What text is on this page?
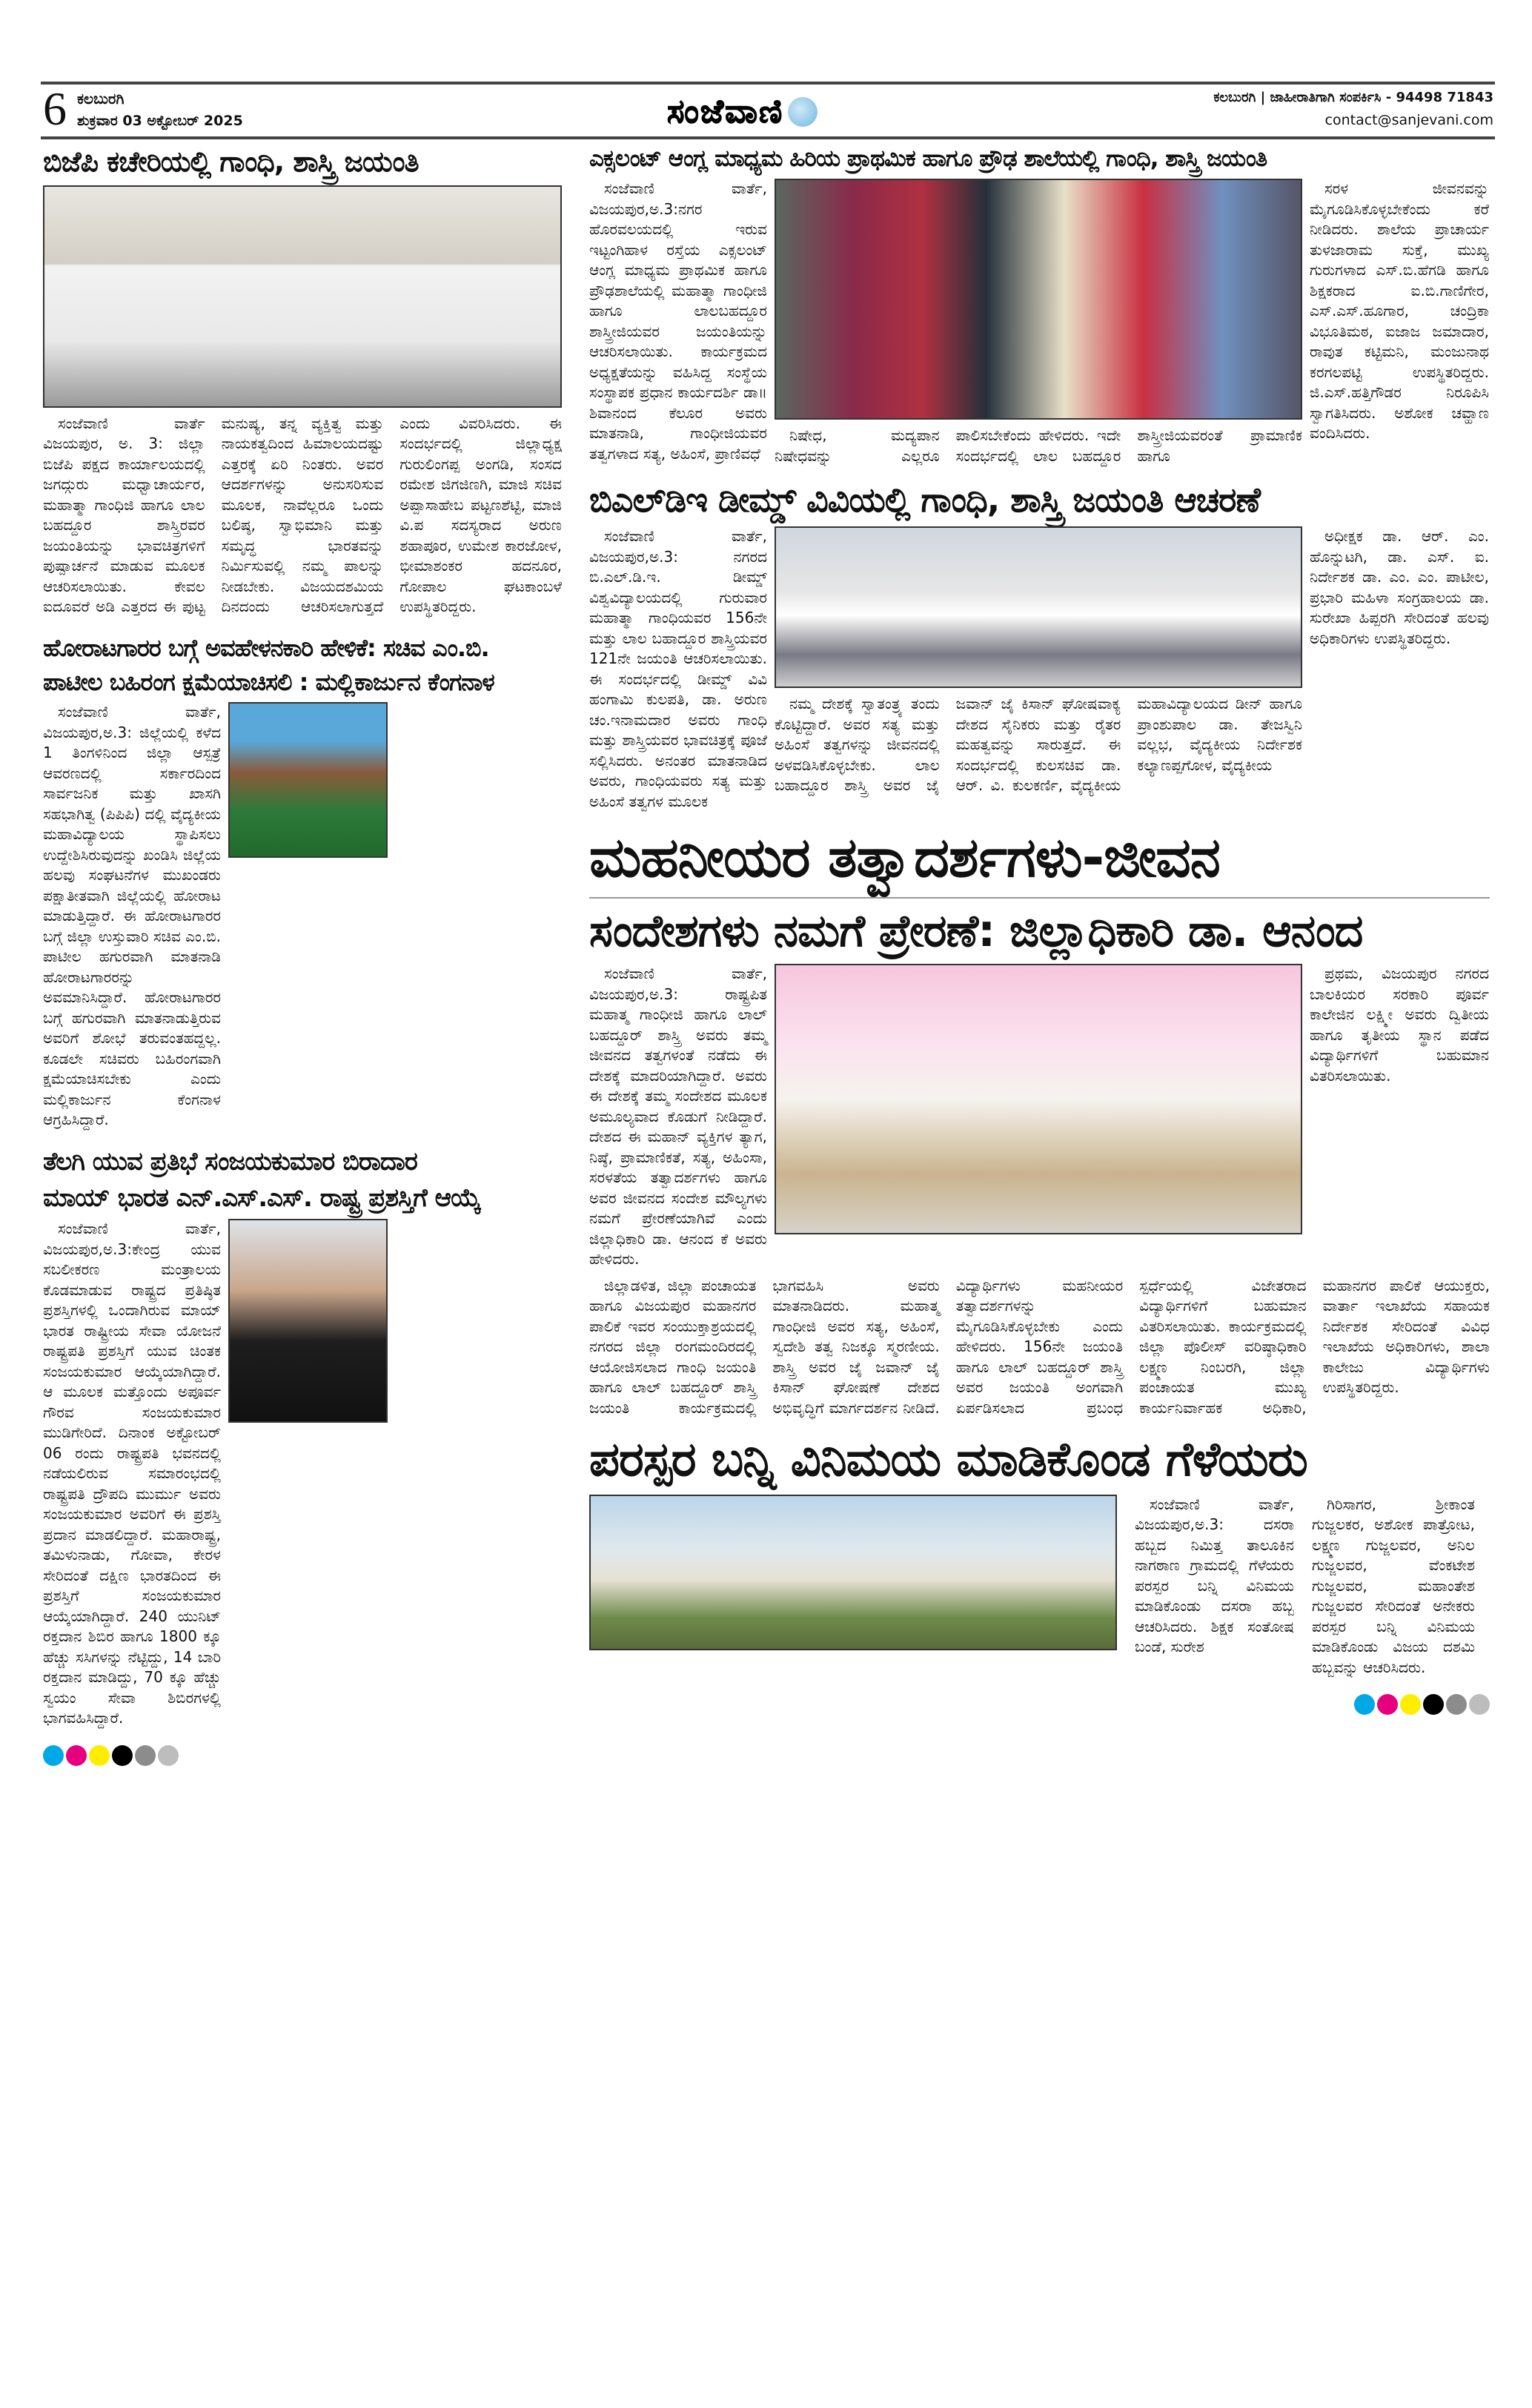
6 ಕಲಬುರಗಿ
ಶುಕ್ರವಾರ 03 ಅಕ್ಟೋಬರ್ 2025	ಸಂಜೆವಾಣಿ	ಕಲಬುರಗಿ | ಜಾಹೀರಾತಿಗಾಗಿ ಸಂಪರ್ಕಿಸಿ - 94498 71843
contact@sanjevani.com
ಬಿಜೆಪಿ ಕಚೇರಿಯಲ್ಲಿ ಗಾಂಧಿ, ಶಾಸ್ತ್ರಿ ಜಯಂತಿ

ಸಂಜೆವಾಣಿ ವಾರ್ತೆ ವಿಜಯಪುರ, ಅ. 3: ಜಿಲ್ಲಾ ಬಿಜೆಪಿ ಪಕ್ಷದ ಕಾರ್ಯಾಲಯದಲ್ಲಿ ಜಗದ್ಗುರು ಮಧ್ವಾಚಾರ್ಯರ, ಮಹಾತ್ಮಾ ಗಾಂಧಿಜಿ ಹಾಗೂ ಲಾಲ ಬಹದ್ದೂರ ಶಾಸ್ತ್ರಿರವರ ಜಯಂತಿಯನ್ನು ಭಾವಚಿತ್ರಗಳಿಗೆ ಪುಷ್ಪಾರ್ಚನೆ ಮಾಡುವ ಮೂಲಕ ಆಚರಿಸಲಾಯಿತು. ಕೇವಲ ಐದೂವರೆ ಅಡಿ ಎತ್ತರದ ಈ ಪುಟ್ಟ ಮನುಷ್ಯ, ತನ್ನ ವ್ಯಕ್ತಿತ್ವ ಮತ್ತು ನಾಯಕತ್ವದಿಂದ ಹಿಮಾಲಯದಷ್ಟು ಎತ್ತರಕ್ಕೆ ಏರಿ ನಿಂತರು. ಅವರ ಆದರ್ಶಗಳನ್ನು ಅನುಸರಿಸುವ ಮೂಲಕ, ನಾವೆಲ್ಲರೂ ಒಂದು ಬಲಿಷ್ಠ, ಸ್ವಾಭಿಮಾನಿ ಮತ್ತು ಸಮೃದ್ಧ ಭಾರತವನ್ನು ನಿರ್ಮಿಸುವಲ್ಲಿ ನಮ್ಮ ಪಾಲನ್ನು ನೀಡಬೇಕು. ವಿಜಯದಶಮಿಯ ದಿನದಂದು ಆಚರಿಸಲಾಗುತ್ತದೆ ಎಂದು ವಿವರಿಸಿದರು. ಈ ಸಂದರ್ಭದಲ್ಲಿ ಜಿಲ್ಲಾಧ್ಯಕ್ಷ ಗುರುಲಿಂಗಪ್ಪ ಅಂಗಡಿ, ಸಂಸದ ರಮೇಶ ಜಿಗಜಿಣಗಿ, ಮಾಜಿ ಸಚಿವ ಅಪ್ಪಾಸಾಹೇಬ ಪಟ್ಟಣಶೆಟ್ಟಿ, ಮಾಜಿ ವಿ.ಪ ಸದಸ್ಯರಾದ ಅರುಣ ಶಹಾಪೂರ, ಉಮೇಶ ಕಾರಜೋಳ, ಭೀಮಾಶಂಕರ ಹದನೂರ, ಗೋಪಾಲ ಘಟಕಾಂಬಳೆ ಉಪಸ್ಥಿತರಿದ್ದರು.

ಹೋರಾಟಗಾರರ ಬಗ್ಗೆ ಅವಹೇಳನಕಾರಿ ಹೇಳಿಕೆ: ಸಚಿವ ಎಂ.ಬಿ.
ಪಾಟೀಲ ಬಹಿರಂಗ ಕ್ಷಮೆಯಾಚಿಸಲಿ : ಮಲ್ಲಿಕಾರ್ಜುನ ಕೆಂಗನಾಳ

ಸಂಜೆವಾಣಿ ವಾರ್ತೆ, ವಿಜಯಪುರ,ಅ.3: ಜಿಲ್ಲೆಯಲ್ಲಿ ಕಳೆದ 1 ತಿಂಗಳಿನಿಂದ ಜಿಲ್ಲಾ ಆಸ್ಪತ್ರೆ ಆವರಣದಲ್ಲಿ ಸರ್ಕಾರದಿಂದ ಸಾರ್ವಜನಿಕ ಮತ್ತು ಖಾಸಗಿ ಸಹಭಾಗಿತ್ವ (ಪಿಪಿಪಿ) ದಲ್ಲಿ ವೈದ್ಯಕೀಯ ಮಹಾವಿದ್ಯಾಲಯ ಸ್ಥಾಪಿಸಲು ಉದ್ದೇಶಿಸಿರುವುದನ್ನು ಖಂಡಿಸಿ ಜಿಲ್ಲೆಯ ಹಲವು ಸಂಘಟನೆಗಳ ಮುಖಂಡರು ಪಕ್ಷಾತೀತವಾಗಿ ಜಿಲ್ಲೆಯಲ್ಲಿ ಹೋರಾಟ ಮಾಡುತ್ತಿದ್ದಾರೆ. ಈ ಹೋರಾಟಗಾರರ ಬಗ್ಗೆ ಜಿಲ್ಲಾ ಉಸ್ತುವಾರಿ ಸಚಿವ ಎಂ.ಬಿ. ಪಾಟೀಲ ಹಗುರವಾಗಿ ಮಾತನಾಡಿ ಹೋರಾಟಗಾರರನ್ನು ಅವಮಾನಿಸಿದ್ದಾರೆ. ಹೋರಾಟಗಾರರ ಬಗ್ಗೆ ಹಗುರವಾಗಿ ಮಾತನಾಡುತ್ತಿರುವ ಅವರಿಗೆ ಶೋಭೆ ತರುವಂತಹದ್ದಲ್ಲ. ಕೂಡಲೇ ಸಚಿವರು ಬಹಿರಂಗವಾಗಿ ಕ್ಷಮೆಯಾಚಿಸಬೇಕು ಎಂದು ಮಲ್ಲಿಕಾರ್ಜುನ ಕೆಂಗನಾಳ ಆಗ್ರಹಿಸಿದ್ದಾರೆ.

ತೆಲಗಿ ಯುವ ಪ್ರತಿಭೆ ಸಂಜಯಕುಮಾರ ಬಿರಾದಾರ
ಮಾಯ್ ಭಾರತ ಎನ್.ಎಸ್.ಎಸ್. ರಾಷ್ಟ್ರ ಪ್ರಶಸ್ತಿಗೆ ಆಯ್ಕೆ

ಸಂಜೆವಾಣಿ ವಾರ್ತೆ, ವಿಜಯಪುರ,ಅ.3:ಕೇಂದ್ರ ಯುವ ಸಬಲೀಕರಣ ಮಂತ್ರಾಲಯ ಕೊಡಮಾಡುವ ರಾಷ್ಟ್ರದ ಪ್ರತಿಷ್ಠಿತ ಪ್ರಶಸ್ತಿಗಳಲ್ಲಿ ಒಂದಾಗಿರುವ ಮಾಯ್ ಭಾರತ ರಾಷ್ಟ್ರೀಯ ಸೇವಾ ಯೋಜನೆ ರಾಷ್ಟ್ರಪತಿ ಪ್ರಶಸ್ತಿಗೆ ಯುವ ಚಿಂತಕ ಸಂಜಯಕುಮಾರ ಆಯ್ಕೆಯಾಗಿದ್ದಾರೆ. ಆ ಮೂಲಕ ಮತ್ತೊಂದು ಅಪೂರ್ವ ಗೌರವ ಸಂಜಯಕುಮಾರ ಮುಡಿಗೇರಿದೆ. ದಿನಾಂಕ ಅಕ್ಟೋಬರ್ 06 ರಂದು ರಾಷ್ಟ್ರಪತಿ ಭವನದಲ್ಲಿ ನಡೆಯಲಿರುವ ಸಮಾರಂಭದಲ್ಲಿ ರಾಷ್ಟ್ರಪತಿ ದ್ರೌಪದಿ ಮುರ್ಮು ಅವರು ಸಂಜಯಕುಮಾರ ಅವರಿಗೆ ಈ ಪ್ರಶಸ್ತಿ ಪ್ರದಾನ ಮಾಡಲಿದ್ದಾರೆ. ಮಹಾರಾಷ್ಟ್ರ, ತಮಿಳುನಾಡು, ಗೋವಾ, ಕೇರಳ ಸೇರಿದಂತೆ ದಕ್ಷಿಣ ಭಾರತದಿಂದ ಈ ಪ್ರಶಸ್ತಿಗೆ ಸಂಜಯಕುಮಾರ ಆಯ್ಕೆಯಾಗಿದ್ದಾರೆ. 240 ಯುನಿಟ್ ರಕ್ತದಾನ ಶಿಬಿರ ಹಾಗೂ 1800 ಕ್ಕೂ ಹೆಚ್ಚು ಸಸಿಗಳನ್ನು ನೆಟ್ಟಿದ್ದು, 14 ಬಾರಿ ರಕ್ತದಾನ ಮಾಡಿದ್ದು, 70 ಕ್ಕೂ ಹೆಚ್ಚು ಸ್ವಯಂ ಸೇವಾ ಶಿಬಿರಗಳಲ್ಲಿ ಭಾಗವಹಿಸಿದ್ದಾರೆ.

ಎಕ್ಸಲಂಟ್ ಆಂಗ್ಲ ಮಾಧ್ಯಮ ಹಿರಿಯ ಪ್ರಾಥಮಿಕ ಹಾಗೂ ಪ್ರೌಢ ಶಾಲೆಯಲ್ಲಿ ಗಾಂಧಿ, ಶಾಸ್ತ್ರಿ ಜಯಂತಿ

ಸಂಜೆವಾಣಿ ವಾರ್ತೆ, ವಿಜಯಪುರ,ಅ.3:ನಗರ ಹೊರವಲಯದಲ್ಲಿ ಇರುವ ಇಟ್ಟಂಗಿಹಾಳ ರಸ್ತೆಯ ಎಕ್ಸಲಂಟ್ ಆಂಗ್ಲ ಮಾಧ್ಯಮ ಪ್ರಾಥಮಿಕ ಹಾಗೂ ಪ್ರೌಢಶಾಲೆಯಲ್ಲಿ ಮಹಾತ್ಮಾ ಗಾಂಧೀಜಿ ಹಾಗೂ ಲಾಲಬಹದ್ದೂರ ಶಾಸ್ತ್ರೀಜಿಯವರ ಜಯಂತಿಯನ್ನು ಆಚರಿಸಲಾಯಿತು. ಕಾರ್ಯಕ್ರಮದ ಅಧ್ಯಕ್ಷತೆಯನ್ನು ವಹಿಸಿದ್ದ ಸಂಸ್ಥೆಯ ಸಂಸ್ಥಾಪಕ ಪ್ರಧಾನ ಕಾರ್ಯದರ್ಶಿ ಡಾ॥ ಶಿವಾನಂದ ಕೆಲೂರ ಅವರು ಮಾತನಾಡಿ, ಗಾಂಧೀಜಿಯವರ ತತ್ವಗಳಾದ ಸತ್ಯ, ಅಹಿಂಸೆ, ಪ್ರಾಣಿವಧೆ

ನಿಷೇಧ, ಮದ್ಯಪಾನ ನಿಷೇಧವನ್ನು ಎಲ್ಲರೂ ಪಾಲಿಸಬೇಕೆಂದು ಹೇಳಿದರು. ಇದೇ ಸಂದರ್ಭದಲ್ಲಿ ಲಾಲ ಬಹದ್ದೂರ ಶಾಸ್ತ್ರೀಜಿಯವರಂತೆ ಪ್ರಾಮಾಣಿಕ ಹಾಗೂ

ಸರಳ ಜೀವನವನ್ನು ಮೈಗೂಡಿಸಿಕೊಳ್ಳಬೇಕೆಂದು ಕರೆ ನೀಡಿದರು. ಶಾಲೆಯ ಪ್ರಾಚಾರ್ಯ ತುಳಜಾರಾಮ ಸುಕ್ತೆ, ಮುಖ್ಯ ಗುರುಗಳಾದ ಎಸ್.ಬಿ.ಹೆಗಡಿ ಹಾಗೂ ಶಿಕ್ಷಕರಾದ ಐ.ಬಿ.ಗಾಣಿಗೇರ, ಎಸ್.ಎಸ್.ಹೂಗಾರ, ಚಂದ್ರಿಕಾ ವಿಭೂತಿಮಠ, ಐಜಾಜ ಜಮಾದಾರ, ರಾವುತ ಕಟ್ಟಿಮನಿ, ಮಂಜುನಾಥ ಕರಗಲಪಟ್ಟಿ ಉಪಸ್ಥಿತರಿದ್ದರು. ಜಿ.ಎಸ್.ಹತ್ತಿಗೌಡರ ನಿರೂಪಿಸಿ ಸ್ವಾಗತಿಸಿದರು. ಅಶೋಕ ಚವ್ಹಾಣ ವಂದಿಸಿದರು.

ಬಿಎಲ್‌ಡಿಇ ಡೀಮ್ಡ್ ವಿವಿಯಲ್ಲಿ ಗಾಂಧಿ, ಶಾಸ್ತ್ರಿ ಜಯಂತಿ ಆಚರಣೆ

ಸಂಜೆವಾಣಿ ವಾರ್ತೆ, ವಿಜಯಪುರ,ಅ.3: ನಗರದ ಬಿ.ಎಲ್.ಡಿ.ಇ. ಡೀಮ್ಡ್ ವಿಶ್ವವಿದ್ಯಾಲಯದಲ್ಲಿ ಗುರುವಾರ ಮಹಾತ್ಮಾ ಗಾಂಧಿಯವರ 156ನೇ ಮತ್ತು ಲಾಲ ಬಹಾದ್ದೂರ ಶಾಸ್ತ್ರಿಯವರ 121ನೇ ಜಯಂತಿ ಆಚರಿಸಲಾಯಿತು. ಈ ಸಂದರ್ಭದಲ್ಲಿ ಡೀಮ್ಡ್ ವಿವಿ ಹಂಗಾಮಿ ಕುಲಪತಿ, ಡಾ. ಅರುಣ ಚಂ.ಇನಾಮದಾರ ಅವರು ಗಾಂಧಿ ಮತ್ತು ಶಾಸ್ತ್ರಿಯವರ ಭಾವಚಿತ್ರಕ್ಕೆ ಪೂಜೆ ಸಲ್ಲಿಸಿದರು. ಅನಂತರ ಮಾತನಾಡಿದ ಅವರು, ಗಾಂಧಿಯವರು ಸತ್ಯ ಮತ್ತು ಅಹಿಂಸೆ ತತ್ವಗಳ ಮೂಲಕ

ನಮ್ಮ ದೇಶಕ್ಕೆ ಸ್ವಾತಂತ್ರ್ಯ ತಂದು ಕೊಟ್ಟಿದ್ದಾರೆ. ಅವರ ಸತ್ಯ ಮತ್ತು ಅಹಿಂಸೆ ತತ್ವಗಳನ್ನು ಜೀವನದಲ್ಲಿ ಅಳವಡಿಸಿಕೊಳ್ಳಬೇಕು. ಲಾಲ ಬಹಾದ್ದೂರ ಶಾಸ್ತ್ರಿ ಅವರ ಜೈ ಜವಾನ್ ಜೈ ಕಿಸಾನ್ ಘೋಷವಾಕ್ಯ ದೇಶದ ಸೈನಿಕರು ಮತ್ತು ರೈತರ ಮಹತ್ವವನ್ನು ಸಾರುತ್ತದೆ. ಈ ಸಂದರ್ಭದಲ್ಲಿ ಕುಲಸಚಿವ ಡಾ. ಆರ್. ವಿ. ಕುಲಕರ್ಣಿ, ವೈದ್ಯಕೀಯ ಮಹಾವಿದ್ಯಾಲಯದ ಡೀನ್ ಹಾಗೂ ಪ್ರಾಂಶುಪಾಲ ಡಾ. ತೇಜಸ್ವಿನಿ ವಲ್ಲಭ, ವೈದ್ಯಕೀಯ ನಿರ್ದೇಶಕ ಕಲ್ಯಾಣಪ್ಪಗೋಳ, ವೈದ್ಯಕೀಯ

ಅಧೀಕ್ಷಕ ಡಾ. ಆರ್. ಎಂ. ಹೊನ್ನುಟಗಿ, ಡಾ. ಎಸ್. ಐ. ನಿರ್ದೇಶಕ ಡಾ. ಎಂ. ಎಂ. ಪಾಟೀಲ, ಪ್ರಭಾರಿ ಮಹಿಳಾ ಸಂಗ್ರಹಾಲಯ ಡಾ. ಸುರೇಖಾ ಹಿಪ್ಪರಗಿ ಸೇರಿದಂತೆ ಹಲವು ಅಧಿಕಾರಿಗಳು ಉಪಸ್ಥಿತರಿದ್ದರು.

ಮಹನೀಯರ ತತ್ವಾದರ್ಶಗಳು-ಜೀವನ
ಸಂದೇಶಗಳು ನಮಗೆ ಪ್ರೇರಣೆ: ಜಿಲ್ಲಾಧಿಕಾರಿ ಡಾ. ಆನಂದ

ಸಂಜೆವಾಣಿ ವಾರ್ತೆ, ವಿಜಯಪುರ,ಅ.3: ರಾಷ್ಟ್ರಪಿತ ಮಹಾತ್ಮ ಗಾಂಧೀಜಿ ಹಾಗೂ ಲಾಲ್ ಬಹದ್ದೂರ್ ಶಾಸ್ತ್ರಿ ಅವರು ತಮ್ಮ ಜೀವನದ ತತ್ವಗಳಂತೆ ನಡೆದು ಈ ದೇಶಕ್ಕೆ ಮಾದರಿಯಾಗಿದ್ದಾರೆ. ಅವರು ಈ ದೇಶಕ್ಕೆ ತಮ್ಮ ಸಂದೇಶದ ಮೂಲಕ ಅಮೂಲ್ಯವಾದ ಕೊಡುಗೆ ನೀಡಿದ್ದಾರೆ. ದೇಶದ ಈ ಮಹಾನ್ ವ್ಯಕ್ತಿಗಳ ತ್ಯಾಗ, ನಿಷ್ಠೆ, ಪ್ರಾಮಾಣಿಕತೆ, ಸತ್ಯ, ಅಹಿಂಸಾ, ಸರಳತೆಯ ತತ್ವಾದರ್ಶಗಳು ಹಾಗೂ ಅವರ ಜೀವನದ ಸಂದೇಶ ಮೌಲ್ಯಗಳು ನಮಗೆ ಪ್ರೇರಣೆಯಾಗಿವೆ ಎಂದು ಜಿಲ್ಲಾಧಿಕಾರಿ ಡಾ. ಆನಂದ ಕೆ ಅವರು ಹೇಳಿದರು.

ಪ್ರಥಮ, ವಿಜಯಪುರ ನಗರದ ಬಾಲಕಿಯರ ಸರಕಾರಿ ಪೂರ್ವ ಕಾಲೇಜಿನ ಲಕ್ಷ್ಮೀ ಅವರು ದ್ವಿತೀಯ ಹಾಗೂ ತೃತೀಯ ಸ್ಥಾನ ಪಡೆದ ವಿದ್ಯಾರ್ಥಿಗಳಿಗೆ ಬಹುಮಾನ ವಿತರಿಸಲಾಯಿತು.

ಜಿಲ್ಲಾಡಳಿತ, ಜಿಲ್ಲಾ ಪಂಚಾಯತ ಹಾಗೂ ವಿಜಯಪುರ ಮಹಾನಗರ ಪಾಲಿಕೆ ಇವರ ಸಂಯುಕ್ತಾಶ್ರಯದಲ್ಲಿ ನಗರದ ಜಿಲ್ಲಾ ರಂಗಮಂದಿರದಲ್ಲಿ ಆಯೋಜಿಸಲಾದ ಗಾಂಧಿ ಜಯಂತಿ ಹಾಗೂ ಲಾಲ್ ಬಹದ್ದೂರ್ ಶಾಸ್ತ್ರಿ ಜಯಂತಿ ಕಾರ್ಯಕ್ರಮದಲ್ಲಿ ಭಾಗವಹಿಸಿ ಅವರು ಮಾತನಾಡಿದರು. ಮಹಾತ್ಮ ಗಾಂಧೀಜಿ ಅವರ ಸತ್ಯ, ಅಹಿಂಸೆ, ಸ್ವದೇಶಿ ತತ್ವ ನಿಜಕ್ಕೂ ಸ್ಮರಣೀಯ. ಶಾಸ್ತ್ರಿ ಅವರ ಜೈ ಜವಾನ್ ಜೈ ಕಿಸಾನ್ ಘೋಷಣೆ ದೇಶದ ಅಭಿವೃದ್ಧಿಗೆ ಮಾರ್ಗದರ್ಶನ ನೀಡಿದೆ. ವಿದ್ಯಾರ್ಥಿಗಳು ಮಹನೀಯರ ತತ್ವಾದರ್ಶಗಳನ್ನು ಮೈಗೂಡಿಸಿಕೊಳ್ಳಬೇಕು ಎಂದು ಹೇಳಿದರು. 156ನೇ ಜಯಂತಿ ಹಾಗೂ ಲಾಲ್ ಬಹದ್ದೂರ್ ಶಾಸ್ತ್ರಿ ಅವರ ಜಯಂತಿ ಅಂಗವಾಗಿ ಏರ್ಪಡಿಸಲಾದ ಪ್ರಬಂಧ ಸ್ಪರ್ಧೆಯಲ್ಲಿ ವಿಜೇತರಾದ ವಿದ್ಯಾರ್ಥಿಗಳಿಗೆ ಬಹುಮಾನ ವಿತರಿಸಲಾಯಿತು. ಕಾರ್ಯಕ್ರಮದಲ್ಲಿ ಜಿಲ್ಲಾ ಪೊಲೀಸ್ ವರಿಷ್ಠಾಧಿಕಾರಿ ಲಕ್ಷ್ಮಣ ನಿಂಬರಗಿ, ಜಿಲ್ಲಾ ಪಂಚಾಯತ ಮುಖ್ಯ ಕಾರ್ಯನಿರ್ವಾಹಕ ಅಧಿಕಾರಿ, ಮಹಾನಗರ ಪಾಲಿಕೆ ಆಯುಕ್ತರು, ವಾರ್ತಾ ಇಲಾಖೆಯ ಸಹಾಯಕ ನಿರ್ದೇಶಕ ಸೇರಿದಂತೆ ವಿವಿಧ ಇಲಾಖೆಯ ಅಧಿಕಾರಿಗಳು, ಶಾಲಾ ಕಾಲೇಜು ವಿದ್ಯಾರ್ಥಿಗಳು ಉಪಸ್ಥಿತರಿದ್ದರು.

ಪರಸ್ಪರ ಬನ್ನಿ ವಿನಿಮಯ ಮಾಡಿಕೊಂಡ ಗೆಳೆಯರು

ಸಂಜೆವಾಣಿ ವಾರ್ತೆ, ವಿಜಯಪುರ,ಅ.3: ದಸರಾ ಹಬ್ಬದ ನಿಮಿತ್ತ ತಾಲೂಕಿನ ನಾಗಠಾಣ ಗ್ರಾಮದಲ್ಲಿ ಗೆಳೆಯರು ಪರಸ್ಪರ ಬನ್ನಿ ವಿನಿಮಯ ಮಾಡಿಕೊಂಡು ದಸರಾ ಹಬ್ಬ ಆಚರಿಸಿದರು. ಶಿಕ್ಷಕ ಸಂತೋಷ ಬಂಡೆ, ಸುರೇಶ

ಗಿರಿಸಾಗರ, ಶ್ರೀಕಾಂತ ಗುಜ್ಜಲಕರ, ಅಶೋಕ ಪಾತ್ರೋಟ, ಲಕ್ಷ್ಮಣ ಗುಜ್ಜಲವರ, ಅನಿಲ ಗುಜ್ಜಲವರ, ವೆಂಕಟೇಶ ಗುಜ್ಜಲವರ, ಮಹಾಂತೇಶ ಗುಜ್ಜಲವರ ಸೇರಿದಂತೆ ಅನೇಕರು ಪರಸ್ಪರ ಬನ್ನಿ ವಿನಿಮಯ ಮಾಡಿಕೊಂಡು ವಿಜಯ ದಶಮಿ ಹಬ್ಬವನ್ನು ಆಚರಿಸಿದರು.
